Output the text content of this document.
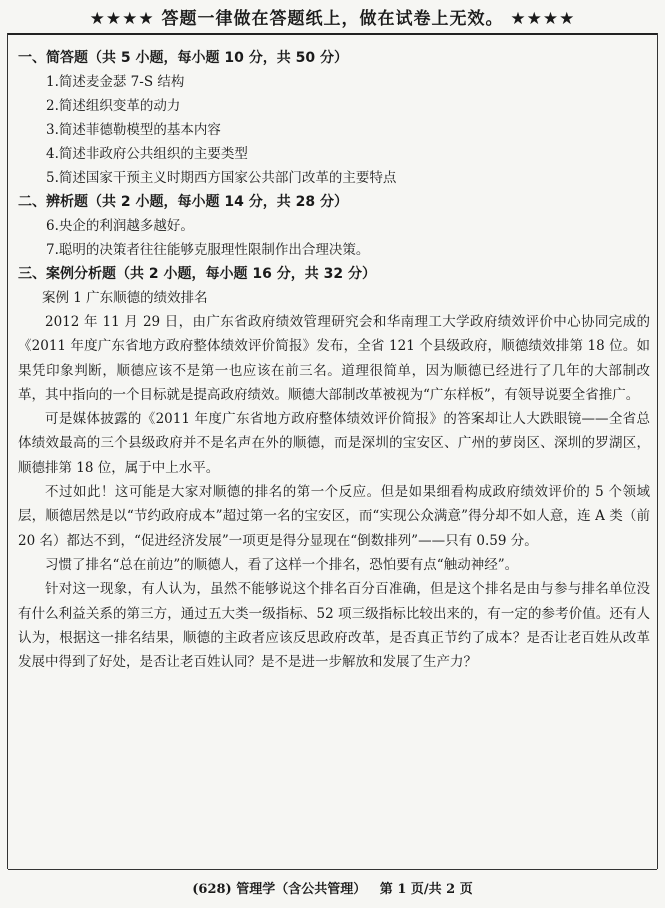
★★★★ 答题一律做在答题纸上，做在试卷上无效。 ★★★★
一、简答题（共 5 小题，每小题 10 分，共 50 分）
1.简述麦金瑟 7-S 结构
2.简述组织变革的动力
3.简述菲德勒模型的基本内容
4.简述非政府公共组织的主要类型
5.简述国家干预主义时期西方国家公共部门改革的主要特点
二、辨析题（共 2 小题，每小题 14 分，共 28 分）
6.央企的利润越多越好。
7.聪明的决策者往往能够克服理性限制作出合理决策。
三、案例分析题（共 2 小题，每小题 16 分，共 32 分）
案例 1 广东顺德的绩效排名

2012 年 11 月 29 日，由广东省政府绩效管理研究会和华南理工大学政府绩效评价中心协同完成的《2011 年度广东省地方政府整体绩效评价简报》发布，全省 121 个县级政府，顺德绩效排第 18 位。如果凭印象判断，顺德应该不是第一也应该在前三名。道理很简单，因为顺德已经进行了几年的大部制改革，其中指向的一个目标就是提高政府绩效。顺德大部制改革被视为“广东样板”，有领导说要全省推广。

可是媒体披露的《2011 年度广东省地方政府整体绩效评价简报》的答案却让人大跌眼镜——全省总体绩效最高的三个县级政府并不是名声在外的顺德，而是深圳的宝安区、广州的萝岗区、深圳的罗湖区，顺德排第 18 位，属于中上水平。

不过如此！这可能是大家对顺德的排名的第一个反应。但是如果细看构成政府绩效评价的 5 个领域层，顺德居然是以“节约政府成本”超过第一名的宝安区，而“实现公众满意”得分却不如人意，连 A 类（前 20 名）都达不到，“促进经济发展”一项更是得分显现在“倒数排列”——只有 0.59 分。

习惯了排名“总在前边”的顺德人，看了这样一个排名，恐怕要有点“触动神经”。

针对这一现象，有人认为，虽然不能够说这个排名百分百准确，但是这个排名是由与参与排名单位没有什么利益关系的第三方，通过五大类一级指标、52 项三级指标比较出来的，有一定的参考价值。还有人认为，根据这一排名结果，顺德的主政者应该反思政府改革，是否真正节约了成本？是否让老百姓从改革发展中得到了好处，是否让老百姓认同？是不是进一步解放和发展了生产力？

(628) 管理学（含公共管理）   第 1 页/共 2 页
